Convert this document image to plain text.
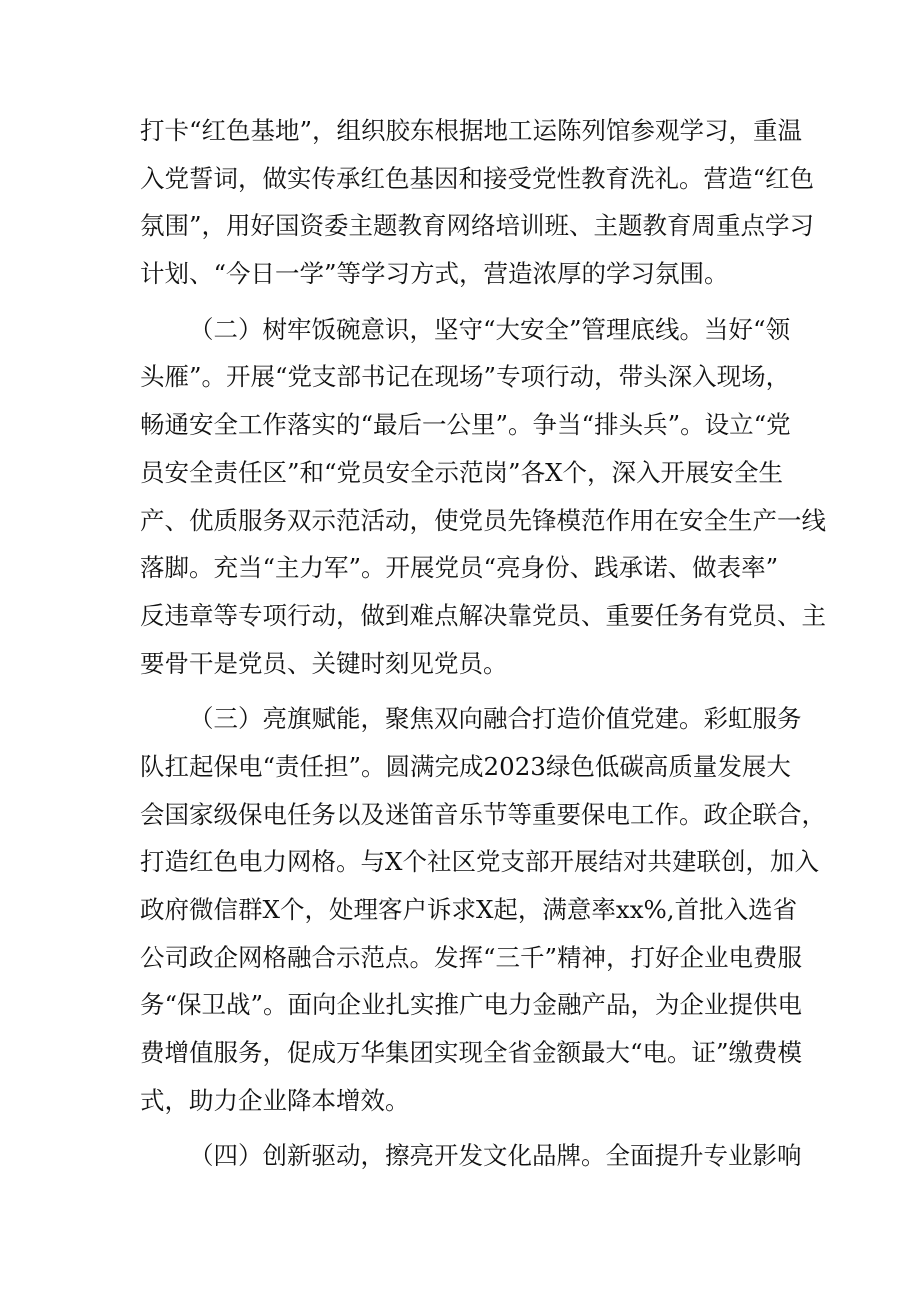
打卡“红色基地”，组织胶东根据地工运陈列馆参观学习，重温
入党誓词，做实传承红色基因和接受党性教育洗礼。营造“红色
氛围”，用好国资委主题教育网络培训班、主题教育周重点学习
计划、“今日一学”等学习方式，营造浓厚的学习氛围。
（二）树牢饭碗意识，坚守“大安全”管理底线。当好“领
头雁”。开展“党支部书记在现场”专项行动，带头深入现场，
畅通安全工作落实的“最后一公里”。争当“排头兵”。设立“党
员安全责任区”和“党员安全示范岗”各X个，深入开展安全生
产、优质服务双示范活动，使党员先锋模范作用在安全生产一线
落脚。充当“主力军”。开展党员“亮身份、践承诺、做表率”
反违章等专项行动，做到难点解决靠党员、重要任务有党员、主
要骨干是党员、关键时刻见党员。
（三）亮旗赋能，聚焦双向融合打造价值党建。彩虹服务
队扛起保电“责任担”。圆满完成2023绿色低碳高质量发展大
会国家级保电任务以及迷笛音乐节等重要保电工作。政企联合，
打造红色电力网格。与X个社区党支部开展结对共建联创，加入
政府微信群X个，处理客户诉求X起，满意率xx%,首批入选省
公司政企网格融合示范点。发挥“三千”精神，打好企业电费服
务“保卫战”。面向企业扎实推广电力金融产品，为企业提供电
费增值服务，促成万华集团实现全省金额最大“电。证”缴费模
式，助力企业降本增效。
（四）创新驱动，擦亮开发文化品牌。全面提升专业影响
